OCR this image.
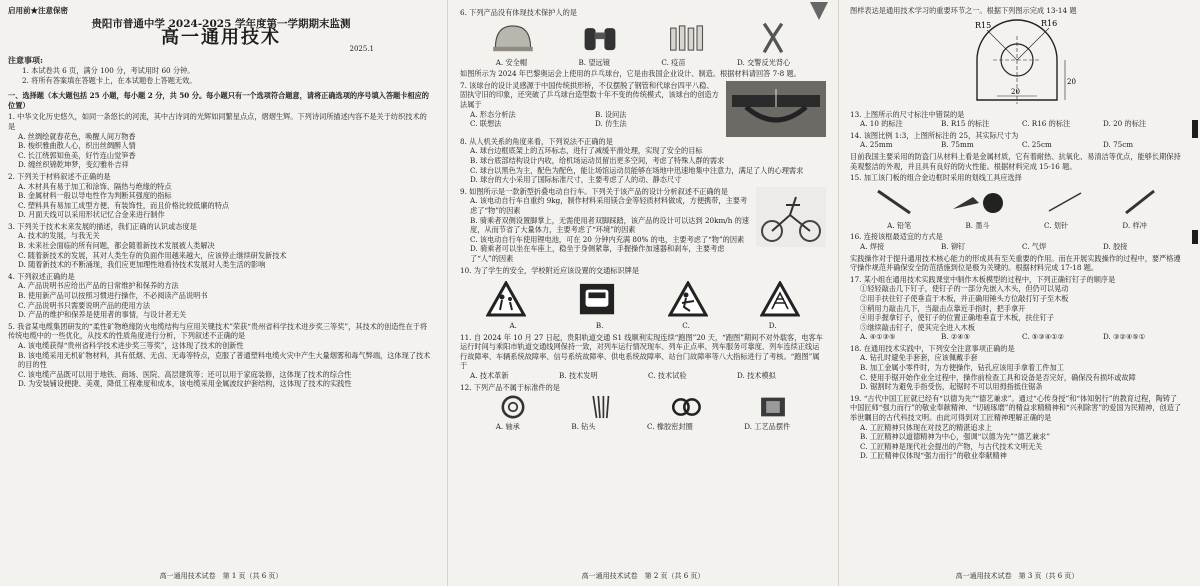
启用前★注意保密
贵阳市普通中学 2024-2025 学年度第一学期期末监测
高一通用技术
2025.1
注意事项:
1. 本试卷共 6 页，满分 100 分，考试用时 60 分钟。
2. 将所有答案填在答题卡上，在本试题卷上答题无效。
一、选择题（本大题包括 25 小题，每小题 2 分，共 50 分。每小题只有一个选项符合题意，请将正确选项的序号填入答题卡相应的位置）
1. 中华文化历史悠久，如同一条悠长的河流，其中古诗词的光辉如同繁星点点，熠熠生辉。下列诗词所描述内容不是关于纺织技术的是
A. 丝绸绘就春花色，唤醒人间万物香
B. 梭织雅曲散人心，织出丝绸醉人情
C. 长江绕郭知鱼美，好竹连山觉笋香
D. 缠丝织锦乾坤梦，变幻雅朴吉祥
2. 下列关于材料叙述不正确的是
A. 木材具有易于加工和涂饰、隔热与绝缘的特点
B. 金属材料一般以导电性作为判断其强度的指标
C. 塑料具有易加工成型方便、有装饰性，而且价格比较低廉的特点
D. 月面天线可以采用形状记忆合金来进行制作
3. 下列关于技术未来发展的描述，我们正确的认识或态度是
A. 技术的发展，与我无关
B. 未来社会面临的所有问题，都会随着新技术发展被人类解决
C. 随着新技术的发展，其对人类生存的负面作用越来越大，应该停止继续研发新技术
D. 随着新技术的不断涌现，我们应更加理性地看待技术发展对人类生活的影响
4. 下列叙述正确的是
A. 产品说明书应给出产品的日常维护和保养的方法
B. 使用新产品可以按照习惯进行操作，不必阅读产品说明书
C. 产品说明书只需要说明产品的使用方法
D. 产品的维护和保养是使用者的事情，与设计者无关
5. 我省某电缆集团研发的“柔性矿物绝缘防火电缆结构与应用关键技术”荣获“贵州省科学技术进步奖三等奖”，其技术的创造性在于将传统电缆中的一些优化，从技术的性质角度进行分析，下列叙述不正确的是
A. 该电缆获得“贵州省科学技术进步奖三等奖”，这体现了技术的创新性
B. 该电缆采用无机矿物材料，具有低烟、无卤、无毒等特点，克服了普通塑料电缆火灾中产生大量烟雾和毒气弊端，这体现了技术的目的性
C. 该电缆产品既可以用于地铁、商场、医院、高层建筑等；还可以用于家庭装修，这体现了技术的综合性
D. 为安装铺设便捷、美观，降低工程难度和成本，该电缆采用金属波纹护套结构，这体现了技术的实践性
高一通用技术试卷　第 1 页（共 6 页）
6. 下列产品没有体现技术保护人的是
A. 安全帽	B. 望远镜	C. 疫苗	D. 交警反光背心
如图所示为 2024 年巴黎奥运会上使用的乒乓球台，它是由我国企业设计、制造。根据材料请回答 7-8 题。
7. 该球台的设计灵感源于中国传统拱形桥，不仅摆脱了钢管和代球台四平八稳、固执守旧的印象，还突破了乒乓球台造型数十年不变的传统模式，该球台的创造方法属于
A. 形态分析法	B. 设问法
C. 联想法	D. 仿生法
8. 从人机关系的角度来看，下列说法不正确的是
A. 球台边框底架上的五环标志，进行了减缓平滑处理，实现了安全的目标
B. 球台底部结构设计内收，给机场运动员留出更多空间，考虑了特殊人群的需求
C. 球台以黑色为主，配色为配色，能让场馆运动员能够在场地中迅速地集中注意力，满足了人的心理需求
D. 球台的大小采用了国际标准尺寸，主要考虑了人的动、静态尺寸
9. 如图所示是一款新型折叠电动自行车。下列关于该产品的设计分析叙述不正确的是
A. 该电动自行车自重约 9kg，制作材料采用镁合金等轻质材料做成，方便携带，主要考虑了“物”的因素
B. 骑乘者双侧设置脚掌上，无需使用者双脚踩踏，该产品的设计可以达到 20km/h 的速度，从而节省了大量体力，主要考虑了“环境”的因素
C. 该电动自行车使用锂电池，可在 20 分钟内充满 80% 的电，主要考虑了“物”的因素
D. 骑乘者可以坐在车座上，稳坐于身侧紧靠，手握操作加速器和刹车，主要考虑了“人”的因素
10. 为了学生的安全，学校附近应该设置的交通标识牌是
A.	B.	C.	D.
11. 自 2024 年 10 月 27 日起，贵阳轨道交通 S1 线顺利实现连续“跑图”20 天，“跑图”期间不对外载客，电客车运行时间与乘阳市轨道交通线网保持一致，对列车运行情况现车、列车正点率、列车服务可靠度、列车连续正线运行故障率、车辆系统故障率、信号系统故障率、供电系统故障率、站台门故障率等八大指标进行了考核。“跑图”属于
A. 技术革新	B. 技术发明	C. 技术试验	D. 技术模拟
12. 下列产品不属于标准件的是
A. 轴承	B. 钻头	C. 橡胶密封圈	D. 工艺品摆件
高一通用技术试卷　第 2 页（共 6 页）
图样表达是通用技术学习的重要环节之一。根据下列图示完成 13-14 题
R15	R16
20
20
13. 上图所示的尺寸标注中错误的是
A. 10 的标注	B. R15 的标注	C. R16 的标注	D. 20 的标注
14. 该图比例 1:3，上图所标注的 25，其实际尺寸为
A. 25mm	B. 75mm	C. 25cm	D. 75cm
目前我国主要采用的防盗门从材料上看是金属材质，它有着耐热、抗氧化、易清洁等优点，能够长期保持美观整洁的外观，并且具有良好的防火性能。根据材料完成 15-16 题。
15. 加工该门板的组合金边框时采用的划线工具应选择
A. 铅笔	B. 墨斗	C. 划针	D. 样冲
16. 连接该框最适宜的方式是
A. 焊接	B. 铆钉	C. 气焊	D. 胶接
实践操作对于提升通用技术核心能力的形成具有至关重要的作用。而在开展实践操作的过程中，要严格遵守操作规范并确保安全防范措施到位是极为关键的。根据材料完成 17-18 题。
17. 某小组在通用技术实践课堂中制作木板模型的过程中，下列正确钉钉子的顺序是
①轻轻敲击几下钉子，使钉子的一部分先嵌入木头，但仍可以晃动
②用手扶住钉子使垂直于木板，并正确用锤头方位敲打钉子至木板
③稍用力敲击几下，当敲击点靠近手指时，把手拿开
④用手握拿钉子，使钉子的位置正确地垂直于木板，扶住钉子
⑤继续敲击钉子，使其完全进入木板
A. ④①③⑤	B. ②④⑤	C. ⑤③④①②	D. ③②④⑤①
18. 在通用技术实践中，下列安全注意事项正确的是
A. 钻孔时避免手套套，应该佩戴手套
B. 加工金属小零件时，为方便操作，钻孔应该用手拿着工件加工
C. 使用手锯开始作业全过程中，操作前检查工具和设备是否完好，确保没有损坏或故障
D. 锯割时为避免手指受伤，起锯时不可以用拇指抵住锯条
19. “古代中国工匠就已经有“以德为先”“德艺兼求”。通过“心传身授”和“体知躬行”的教育过程，陶铸了中国匠师“强力而行”的敬业奉献精神、“切磋琢磨”的精益求精精神和“兴利除害”的爱国为民精神，创造了举世瞩目的古代科技文明。由此可得到对工匠精神理解正确的是
A. 工匠精神只体现在对技艺的精湛追求上
B. 工匠精神以道德精神为中心，强调“以德为先”“德艺兼求”
C. 工匠精神是现代社会提出的产物，与古代技术文明无关
D. 工匠精神仅体现“强力而行”的敬业奉献精神
高一通用技术试卷　第 3 页（共 6 页）
